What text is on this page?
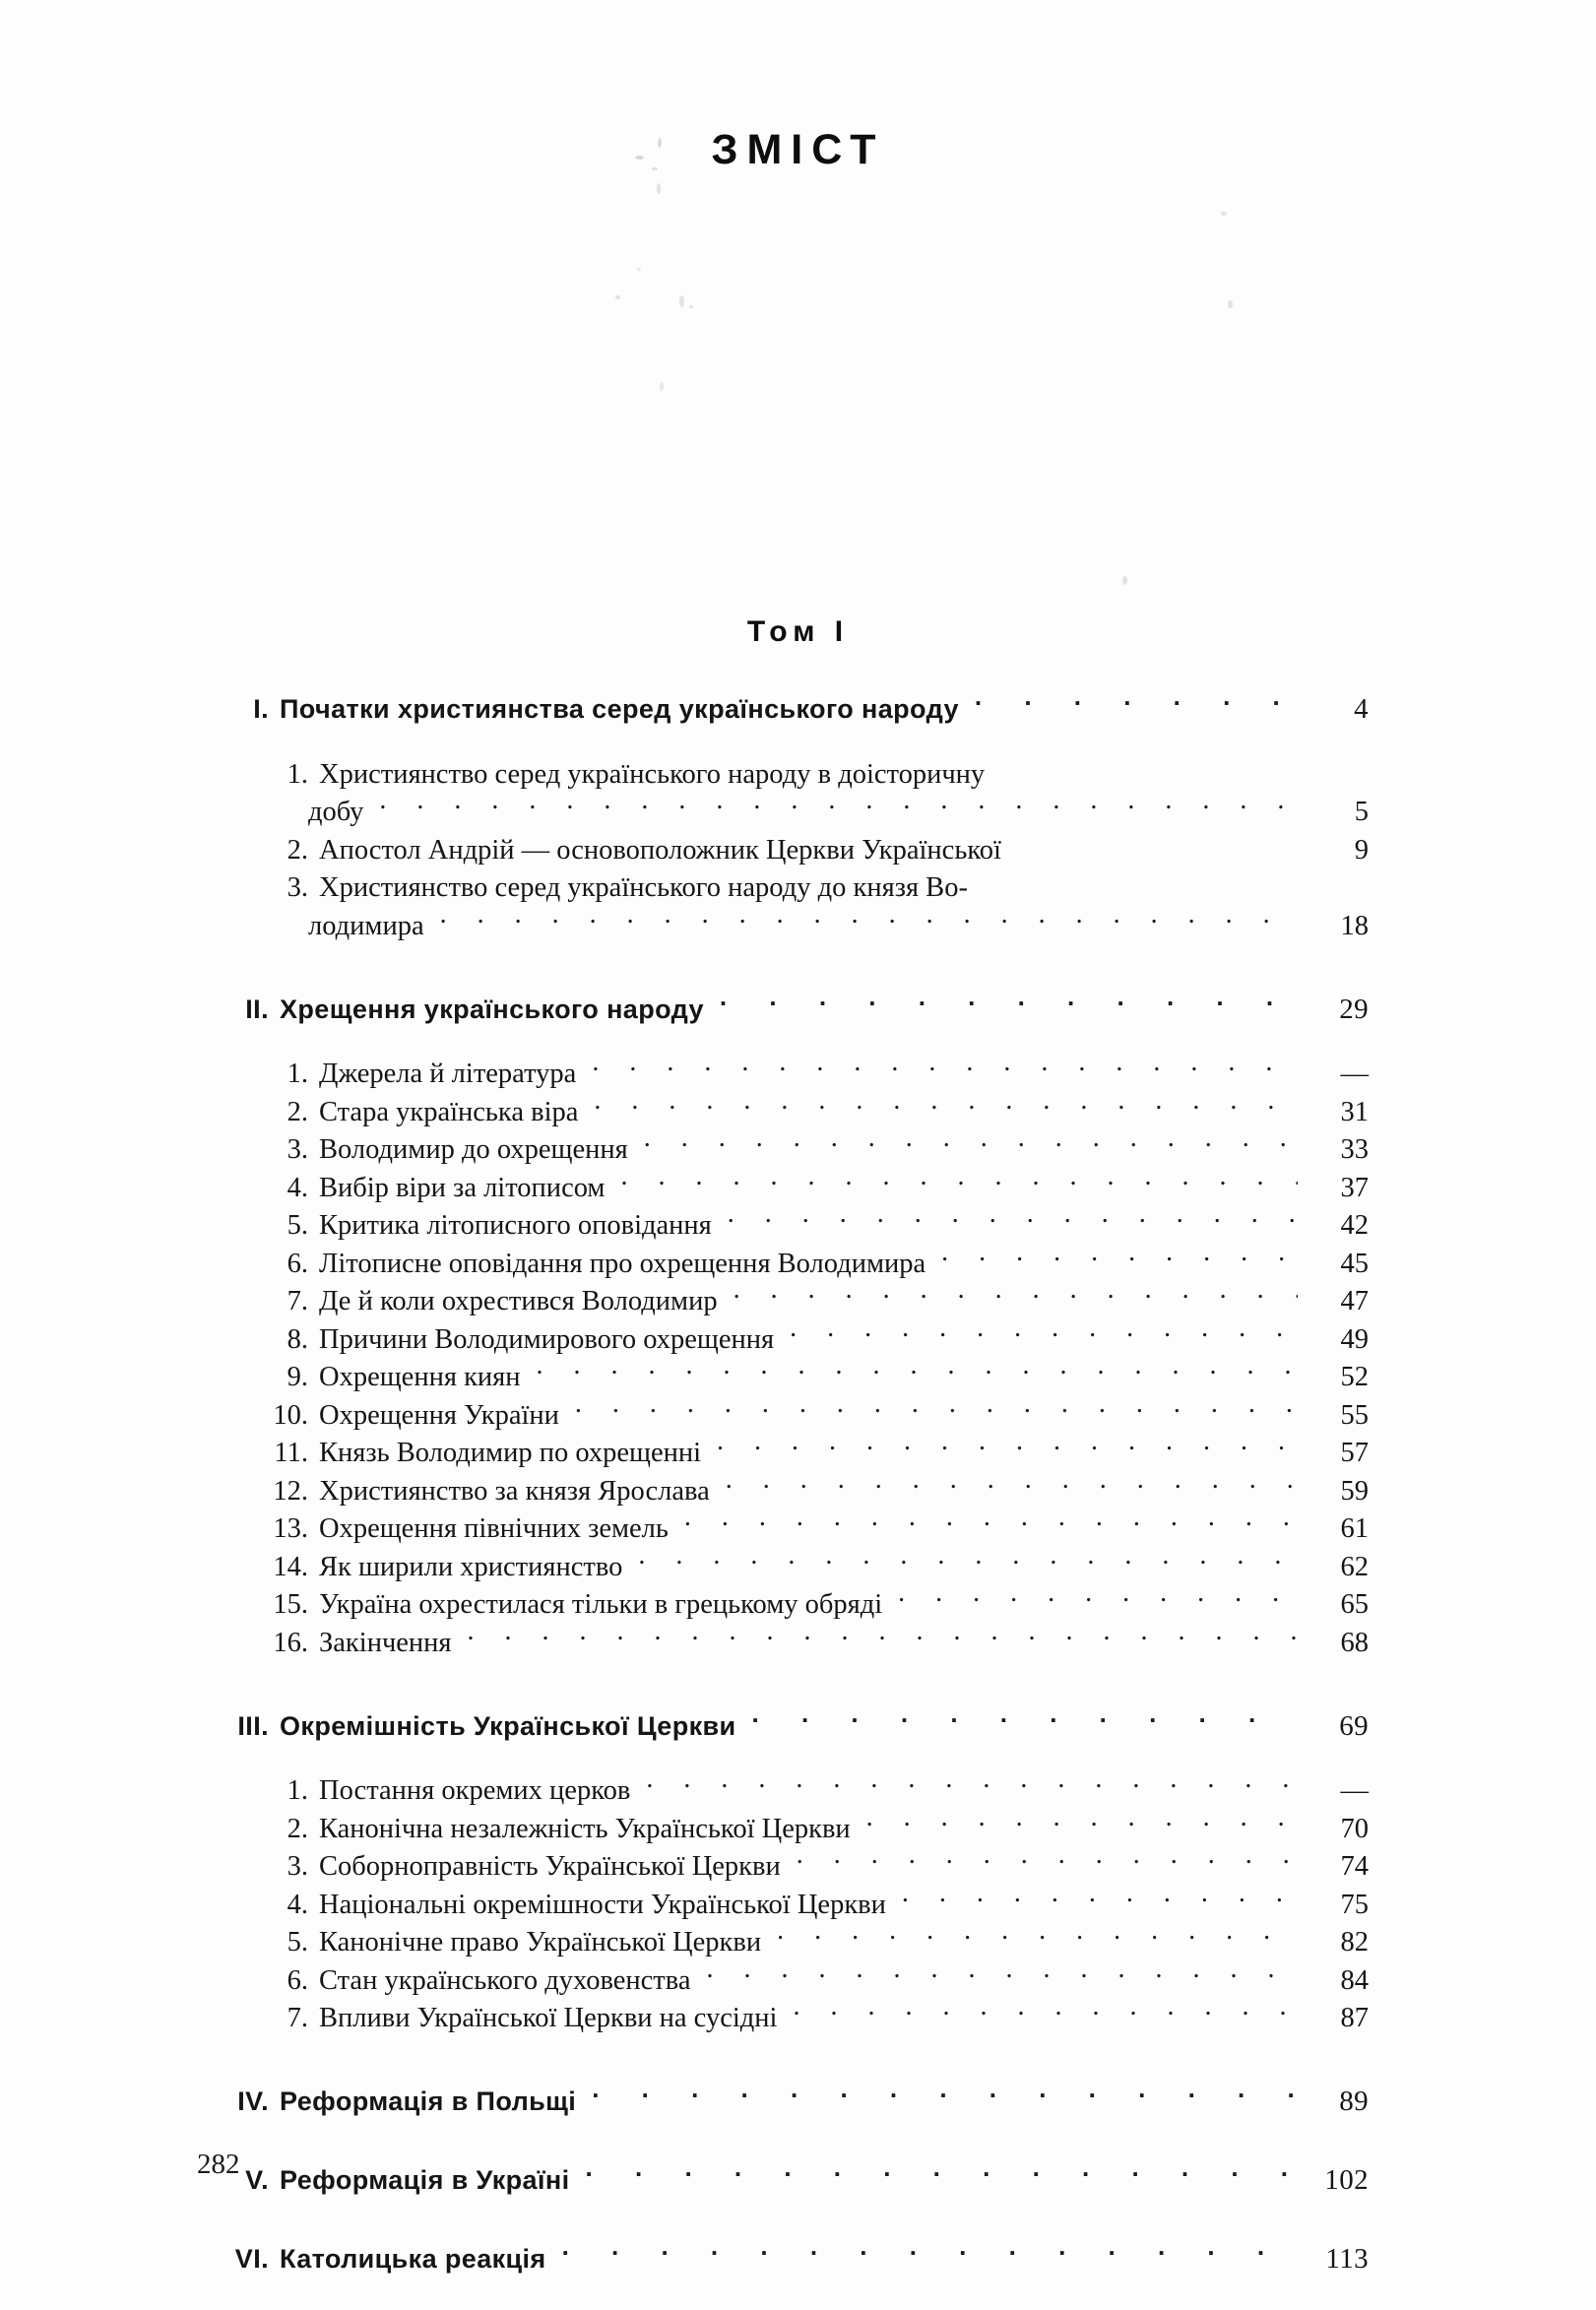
ЗМІСТ
Том I
I. Початки християнства серед українського народу . . .	4
1. Християнство серед українського народу в доісторичну
добу . . .	5
2. Апостол Андрій — основоположник Церкви Української	9
3. Християнство серед українського народу до князя Во-
лодимира . . .	18
II. Хрещення українського народу . . .	29
1. Джерела й література . . .	—
2. Стара українська віра . . .	31
3. Володимир до охрещення . . .	33
4. Вибір віри за літописом . . .	37
5. Критика літописного оповідання . . .	42
6. Літописне оповідання про охрещення Володимира . . .	45
7. Де й коли охрестився Володимир . . .	47
8. Причини Володимирового охрещення . . .	49
9. Охрещення киян . . .	52
10. Охрещення України . . .	55
11. Князь Володимир по охрещенні . . .	57
12. Християнство за князя Ярослава . . .	59
13. Охрещення північних земель . . .	61
14. Як ширили християнство . . .	62
15. Україна охрестилася тільки в грецькому обряді . . .	65
16. Закінчення . . .	68
III. Окремішність Української Церкви . . .	69
1. Постання окремих церков . . .	—
2. Канонічна незалежність Української Церкви . . .	70
3. Соборноправність Української Церкви . . .	74
4. Національні окремішности Української Церкви . . .	75
5. Канонічне право Української Церкви . . .	82
6. Стан українського духовенства . . .	84
7. Впливи Української Церкви на сусідні . . .	87
IV. Реформація в Польщі . . .	89
V. Реформація в Україні . . .	102
VI. Католицька реакція . . .	113
282
